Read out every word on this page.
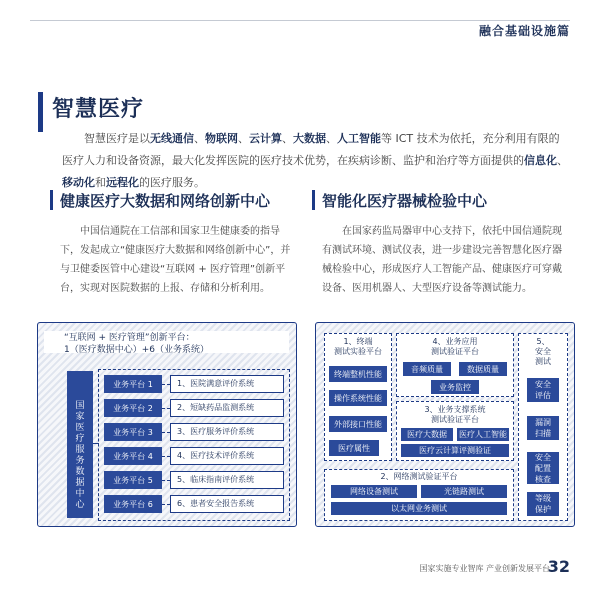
融合基础设施篇
智慧医疗
智慧医疗是以无线通信、物联网、云计算、大数据、人工智能等 ICT 技术为依托，充分利用有限的医疗人力和设备资源，最大化发挥医院的医疗技术优势，在疾病诊断、监护和治疗等方面提供的信息化、移动化和远程化的医疗服务。
健康医疗大数据和网络创新中心
中国信通院在工信部和国家卫生健康委的指导下，发起成立“健康医疗大数据和网络创新中心”，并与卫健委医管中心建设“互联网 + 医疗管理”创新平台，实现对医院数据的上报、存储和分析利用。
智能化医疗器械检验中心
在国家药监局器审中心支持下，依托中国信通院现有测试环境、测试仪表，进一步建设完善智慧化医疗器械检验中心，形成医疗人工智能产品、健康医疗可穿戴设备、医用机器人、大型医疗设备等测试能力。
“互联网 + 医疗管理”创新平台：
1（医疗数据中心）+6（业务系统）
国家医疗服务数据中心
业务平台 1	1、医院满意评价系统
业务平台 2	2、短缺药品监测系统
业务平台 3	3、医疗服务评价系统
业务平台 4	4、医疗技术评价系统
业务平台 5	5、临床指南评价系统
业务平台 6	6、患者安全报告系统
1、终端
测试实验平台
终端整机性能
操作系统性能
外部接口性能
医疗属性
4、业务应用
测试验证平台
音频质量	数据质量
业务监控
3、业务支撑系统
测试验证平台
医疗大数据	医疗人工智能
医疗云计算评测验证
5、
安全
测试
安全
评估
漏洞
扫描
安全
配置
核查
等级
保护
2、网络测试验证平台
网络设备测试	光链路测试
以太网业务测试
国家实施专业智库 产业创新发展平台
32
